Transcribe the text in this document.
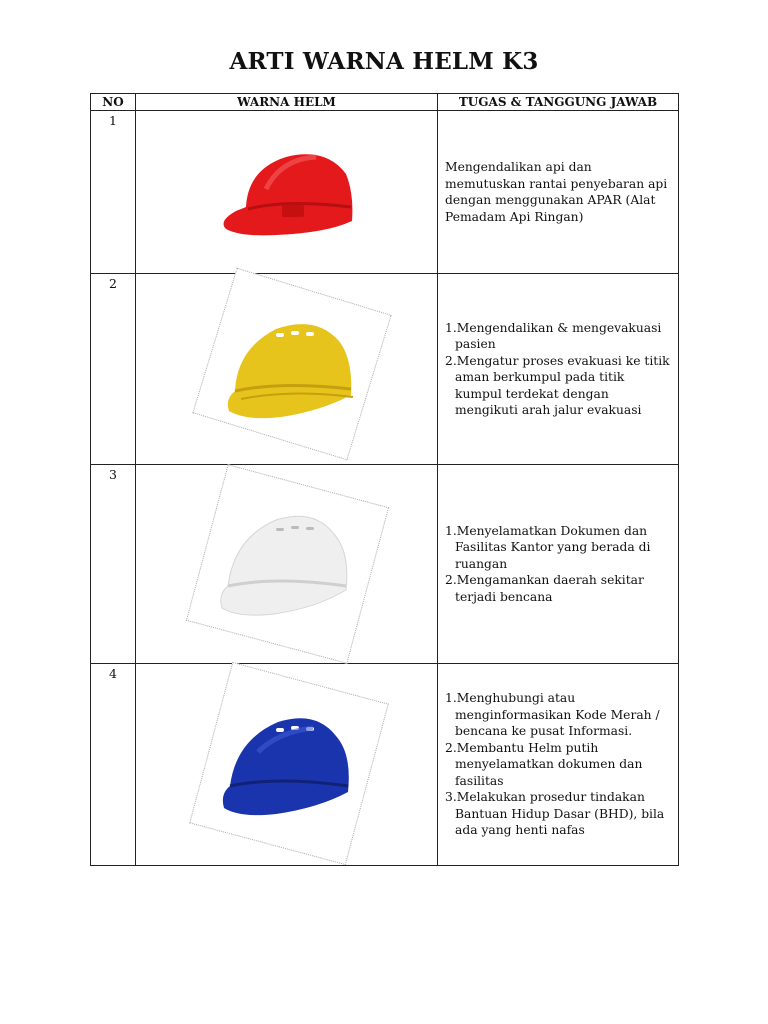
ARTI WARNA HELM K3
NO	WARNA HELM	TUGAS & TANGGUNG JAWAB
1		Mengendalikan api dan memutuskan rantai penyebaran api dengan menggunakan APAR (Alat Pemadam Api Ringan)
2		1.Mengendalikan & mengevakuasi pasien
2.Mengatur proses evakuasi ke titik aman berkumpul pada titik kumpul terdekat dengan mengikuti arah jalur evakuasi

3		1.Menyelamatkan Dokumen dan Fasilitas Kantor yang berada di ruangan
2.Mengamankan daerah sekitar terjadi bencana

4		1.Menghubungi atau menginformasikan Kode Merah / bencana ke pusat Informasi.
2.Membantu Helm putih menyelamatkan dokumen dan fasilitas
3.Melakukan prosedur tindakan Bantuan Hidup Dasar (BHD), bila ada yang henti nafas
